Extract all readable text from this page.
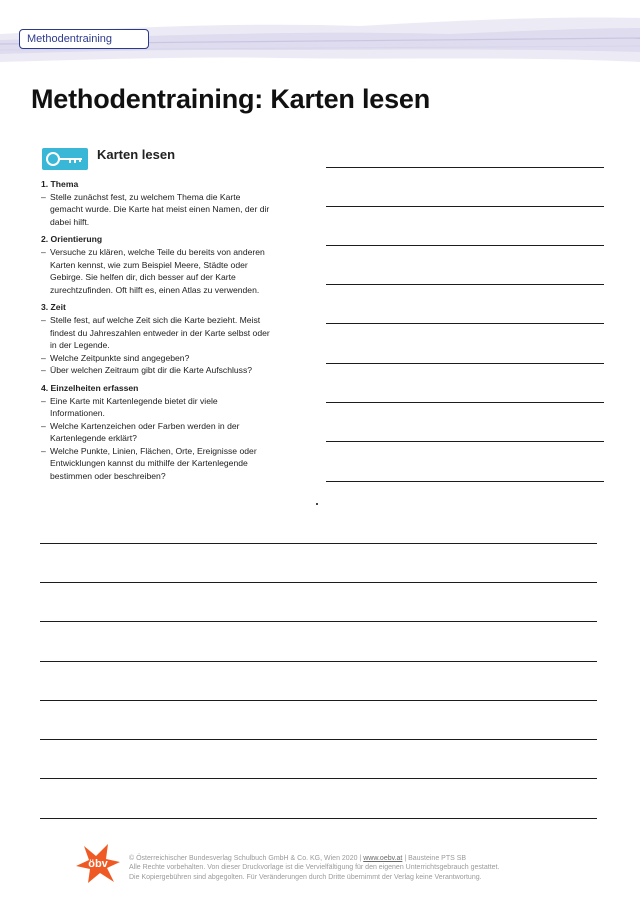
Methodentraining
Methodentraining: Karten lesen
Karten lesen

1. Thema

– Stelle zunächst fest, zu welchem Thema die Karte gemacht wurde. Die Karte hat meist einen Namen, der dir dabei hilft.

2. Orientierung

– Versuche zu klären, welche Teile du bereits von anderen Karten kennst, wie zum Beispiel Meere, Städte oder Gebirge. Sie helfen dir, dich besser auf der Karte zurechtzufinden. Oft hilft es, einen Atlas zu verwenden.

3. Zeit

– Stelle fest, auf welche Zeit sich die Karte bezieht. Meist findest du Jahreszahlen entweder in der Karte selbst oder in der Legende.
– Welche Zeitpunkte sind angegeben?
– Über welchen Zeitraum gibt dir die Karte Aufschluss?

4. Einzelheiten erfassen

– Eine Karte mit Kartenlegende bietet dir viele Informationen.
– Welche Kartenzeichen oder Farben werden in der Kartenlegende erklärt?
– Welche Punkte, Linien, Flächen, Orte, Ereignisse oder Entwicklungen kannst du mithilfe der Kartenlegende bestimmen oder beschreiben?
öbv	© Österreichischer Bundesverlag Schulbuch GmbH & Co. KG, Wien 2020 | www.oebv.at | Bausteine PTS SB
Alle Rechte vorbehalten. Von dieser Druckvorlage ist die Vervielfältigung für den eigenen Unterrichtsgebrauch gestattet.
Die Kopiergebühren sind abgegolten. Für Veränderungen durch Dritte übernimmt der Verlag keine Verantwortung.
